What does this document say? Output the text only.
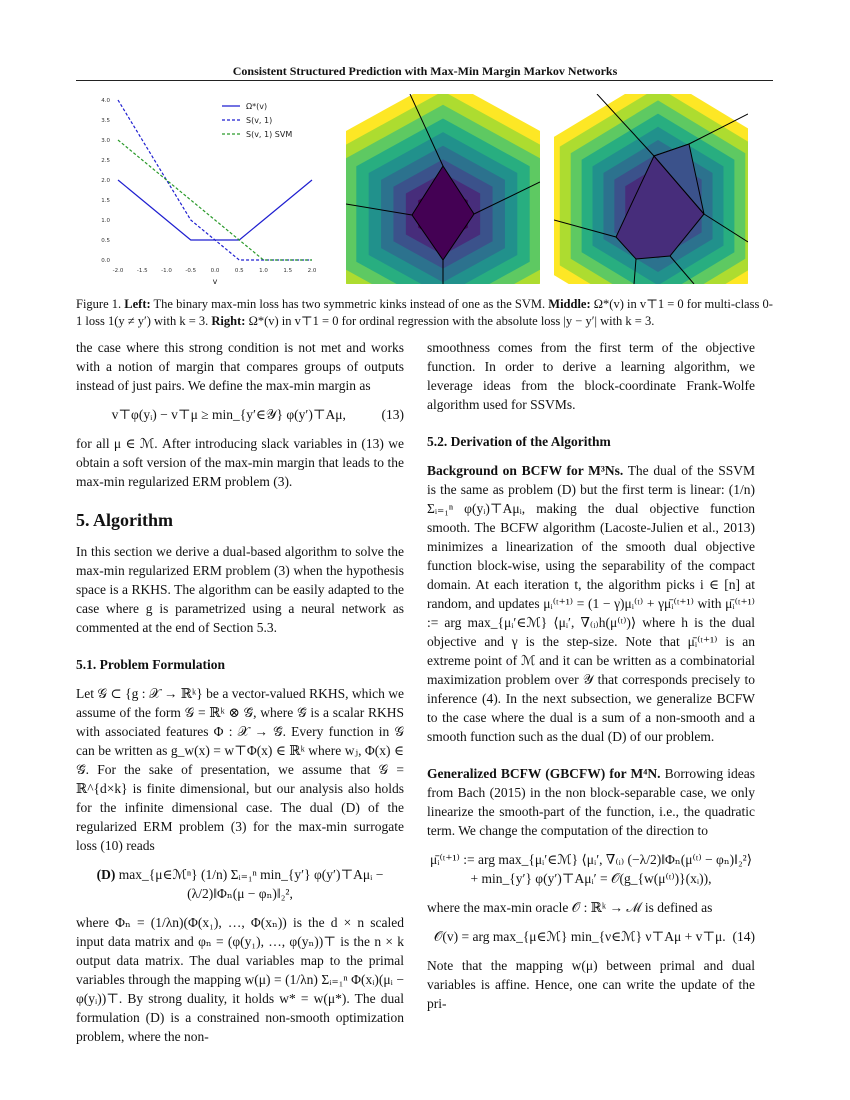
Consistent Structured Prediction with Max-Min Margin Markov Networks
-2.0 -1.5 -1.0 -0.5	0.0	0.5	1.0	1.5	2.0
0.0
0.5
1.0
1.5
2.0
2.5
3.0
3.5
4.0
v
Ω*(v)
S(v, 1)
S(v, 1) SVM
Figure 1. Left: The binary max-min loss has two symmetric kinks instead of one as the SVM. Middle: Ω*(v) in v⊤1 = 0 for multi-class 0-1 loss 1(y ≠ y′) with k = 3. Right: Ω*(v) in v⊤1 = 0 for ordinal regression with the absolute loss |y − y′| with k = 3.

the case where this strong condition is not met and works with a notion of margin that compares groups of outputs instead of just pairs. We define the max-min margin as

v⊤φ(yᵢ) − v⊤μ ≥ min_{y′∈𝒴} φ(y′)⊤Aμ,	(13)

for all μ ∈ ℳ. After introducing slack variables in (13) we obtain a soft version of the max-min margin that leads to the max-min regularized ERM problem (3).

5. Algorithm

In this section we derive a dual-based algorithm to solve the max-min regularized ERM problem (3) when the hypothesis space is a RKHS. The algorithm can be easily adapted to the case where g is parametrized using a neural network as commented at the end of Section 5.3.

5.1. Problem Formulation

Let 𝒢 ⊂ {g : 𝒳 → ℝᵏ} be a vector-valued RKHS, which we assume of the form 𝒢 = ℝᵏ ⊗ 𝒢̄, where 𝒢̄ is a scalar RKHS with associated features Φ : 𝒳 → 𝒢̄. Every function in 𝒢 can be written as g_w(x) = w⊤Φ(x) ∈ ℝᵏ where wⱼ, Φ(x) ∈ 𝒢̄. For the sake of presentation, we assume that 𝒢 = ℝ^{d×k} is finite dimensional, but our analysis also holds for the infinite dimensional case. The dual (D) of the regularized ERM problem (3) for the max-min surrogate loss (10) reads

(D) max_{μ∈ℳⁿ} (1/n) Σᵢ₌₁ⁿ min_{y′} φ(y′)⊤Aμᵢ − (λ/2)‖Φₙ(μ − φₙ)‖₂²,

where Φₙ = (1/λn)(Φ(x₁), …, Φ(xₙ)) is the d × n scaled input data matrix and φₙ = (φ(y₁), …, φ(yₙ))⊤ is the n × k output data matrix. The dual variables map to the primal variables through the mapping w(μ) = (1/λn) Σᵢ₌₁ⁿ Φ(xᵢ)(μᵢ − φ(yᵢ))⊤. By strong duality, it holds w* = w(μ*). The dual formulation (D) is a constrained non-smooth optimization problem, where the non-

smoothness comes from the first term of the objective function. In order to derive a learning algorithm, we leverage ideas from the block-coordinate Frank-Wolfe algorithm used for SSVMs.

5.2. Derivation of the Algorithm

Background on BCFW for M³Ns. The dual of the SSVM is the same as problem (D) but the first term is linear: (1/n) Σᵢ₌₁ⁿ φ(yᵢ)⊤Aμᵢ, making the dual objective function smooth. The BCFW algorithm (Lacoste-Julien et al., 2013) minimizes a linearization of the smooth dual objective function block-wise, using the separability of the compact domain. At each iteration t, the algorithm picks i ∈ [n] at random, and updates μᵢ⁽ᵗ⁺¹⁾ = (1 − γ)μᵢ⁽ᵗ⁾ + γμ̄ᵢ⁽ᵗ⁺¹⁾ with μ̄ᵢ⁽ᵗ⁺¹⁾ := arg max_{μᵢ′∈ℳ} ⟨μᵢ′, ∇₍ᵢ₎h(μ⁽ᵗ⁾)⟩ where h is the dual objective and γ is the step-size. Note that μ̄ᵢ⁽ᵗ⁺¹⁾ is an extreme point of ℳ and it can be written as a combinatorial maximization problem over 𝒴 that corresponds precisely to inference (4). In the next subsection, we generalize BCFW to the case where the dual is a sum of a non-smooth and a smooth function such as the dual (D) of our problem.

Generalized BCFW (GBCFW) for M⁴N. Borrowing ideas from Bach (2015) in the non block-separable case, we only linearize the smooth-part of the function, i.e., the quadratic term. We change the computation of the direction to

μ̄ᵢ⁽ᵗ⁺¹⁾ := arg max_{μᵢ′∈ℳ} ⟨μᵢ′, ∇₍ᵢ₎ (−λ/2)‖Φₙ(μ⁽ᵗ⁾ − φₙ)‖₂²⟩
+ min_{y′} φ(y′)⊤Aμᵢ′ = 𝒪(g_{w(μ⁽ᵗ⁾)}(xᵢ)),

where the max-min oracle 𝒪 : ℝᵏ → ℳ is defined as

𝒪(v) = arg max_{μ∈ℳ} min_{ν∈ℳ} ν⊤Aμ + v⊤μ. (14)

Note that the mapping w(μ) between primal and dual variables is affine. Hence, one can write the update of the pri-
